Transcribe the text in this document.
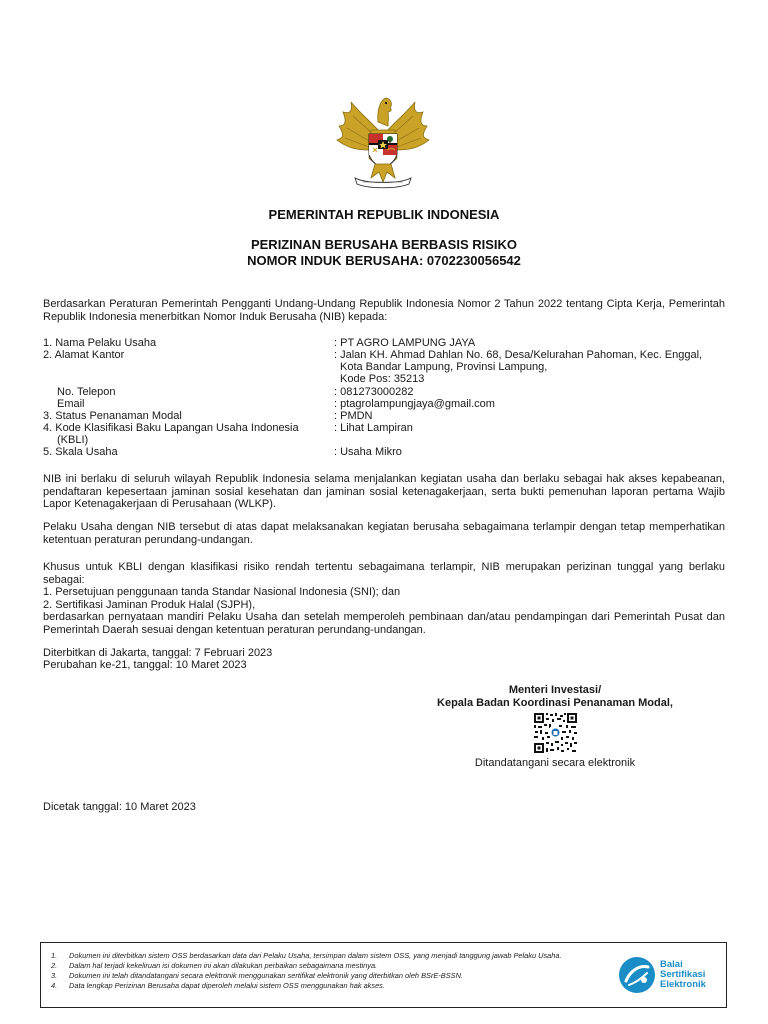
PEMERINTAH REPUBLIK INDONESIA
PERIZINAN BERUSAHA BERBASIS RISIKO
NOMOR INDUK BERUSAHA: 0702230056542
Berdasarkan Peraturan Pemerintah Pengganti Undang-Undang Republik Indonesia Nomor 2 Tahun 2022 tentang Cipta Kerja, Pemerintah Republik Indonesia menerbitkan Nomor Induk Berusaha (NIB) kepada:
1. Nama Pelaku Usaha	: PT AGRO LAMPUNG JAYA
2. Alamat Kantor	: Jalan KH. Ahmad Dahlan No. 68, Desa/Kelurahan Pahoman, Kec. Enggal,
Kota Bandar Lampung, Provinsi Lampung,
Kode Pos: 35213
No. Telepon	: 081273000282
Email	: ptagrolampungjaya@gmail.com
3. Status Penanaman Modal	: PMDN
4. Kode Klasifikasi Baku Lapangan Usaha Indonesia	: Lihat Lampiran
(KBLI)
5. Skala Usaha	: Usaha Mikro
NIB ini berlaku di seluruh wilayah Republik Indonesia selama menjalankan kegiatan usaha dan berlaku sebagai hak akses kepabeanan, pendaftaran kepesertaan jaminan sosial kesehatan dan jaminan sosial ketenagakerjaan, serta bukti pemenuhan laporan pertama Wajib Lapor Ketenagakerjaan di Perusahaan (WLKP).
Pelaku Usaha dengan NIB tersebut di atas dapat melaksanakan kegiatan berusaha sebagaimana terlampir dengan tetap memperhatikan ketentuan peraturan perundang-undangan.
Khusus untuk KBLI dengan klasifikasi risiko rendah tertentu sebagaimana terlampir, NIB merupakan perizinan tunggal yang berlaku sebagai:
1. Persetujuan penggunaan tanda Standar Nasional Indonesia (SNI); dan
2. Sertifikasi Jaminan Produk Halal (SJPH),
berdasarkan pernyataan mandiri Pelaku Usaha dan setelah memperoleh pembinaan dan/atau pendampingan dari Pemerintah Pusat dan Pemerintah Daerah sesuai dengan ketentuan peraturan perundang-undangan.
Diterbitkan di Jakarta, tanggal: 7 Februari 2023
Perubahan ke-21, tanggal: 10 Maret 2023
Menteri Investasi/
Kepala Badan Koordinasi Penanaman Modal,
Ditandatangani secara elektronik
Dicetak tanggal: 10 Maret 2023
1.	Dokumen ini diterbitkan sistem OSS berdasarkan data dari Pelaku Usaha, tersimpan dalam sistem OSS, yang menjadi tanggung jawab Pelaku Usaha.
2.	Dalam hal terjadi kekeliruan isi dokumen ini akan dilakukan perbaikan sebagaimana mestinya.
3.	Dokumen ini telah ditandatangani secara elektronik menggunakan sertifikat elektronik yang diterbitkan oleh BSrE-BSSN.
4.	Data lengkap Perizinan Berusaha dapat diperoleh melalui sistem OSS menggunakan hak akses.
Balai
Sertifikasi
Elektronik
